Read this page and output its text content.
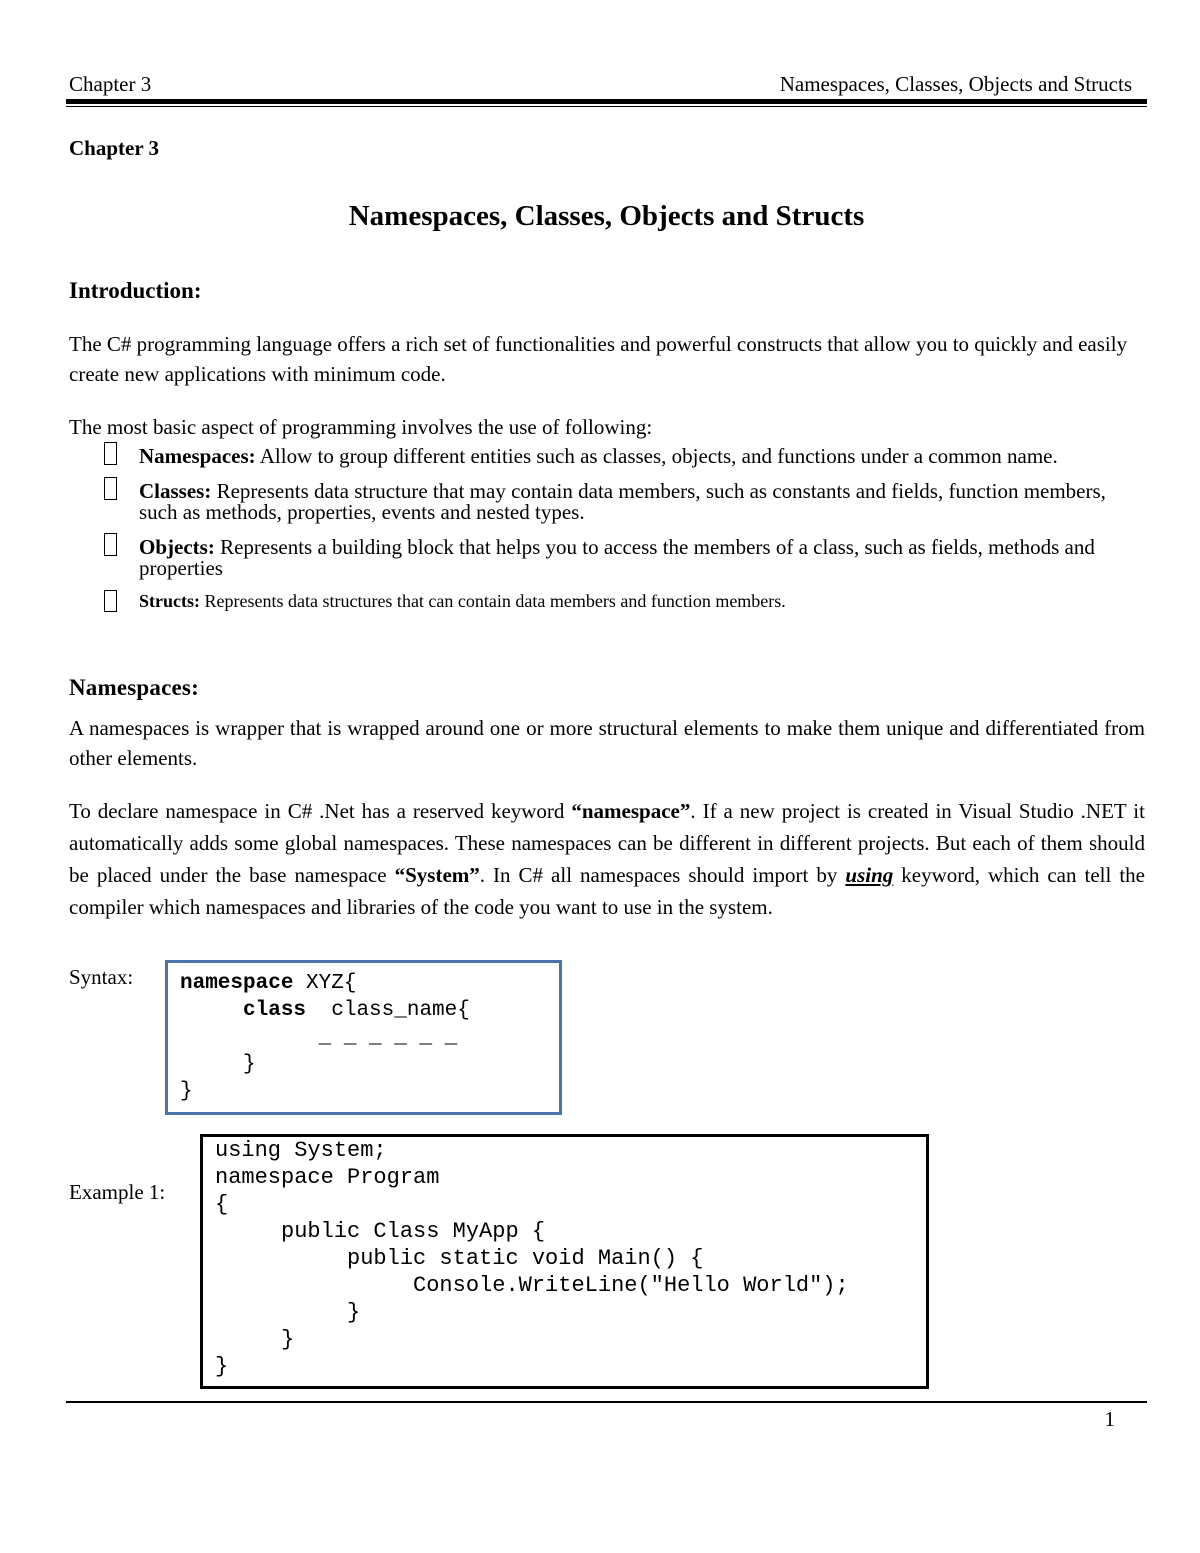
Chapter 3	Namespaces, Classes, Objects and Structs
Chapter 3
Namespaces, Classes, Objects and Structs
Introduction:
The C# programming language offers a rich set of functionalities and powerful constructs that allow you to quickly and easily create new applications with minimum code.
The most basic aspect of programming involves the use of following:
Namespaces: Allow to group different entities such as classes, objects, and functions under a common name.
Classes: Represents data structure that may contain data members, such as constants and fields, function members, such as methods, properties, events and nested types.
Objects: Represents a building block that helps you to access the members of a class, such as fields, methods and properties
Structs: Represents data structures that can contain data members and function members.
Namespaces:
A namespaces is wrapper that is wrapped around one or more structural elements to make them unique and differentiated from other elements.
To declare namespace in C# .Net has a reserved keyword “namespace”. If a new project is created in Visual Studio .NET it automatically adds some global namespaces. These namespaces can be different in different projects. But each of them should be placed under the base namespace “System”. In C# all namespaces should import by using keyword, which can tell the compiler which namespaces and libraries of the code you want to use in the system.
Syntax: namespace XYZ{
class  class_name{
_ _ _ _ _ _
}
}
Example 1:
using System;
namespace Program
{
public Class MyApp {
public static void Main() {
Console.WriteLine("Hello World");
}
}
}
1
